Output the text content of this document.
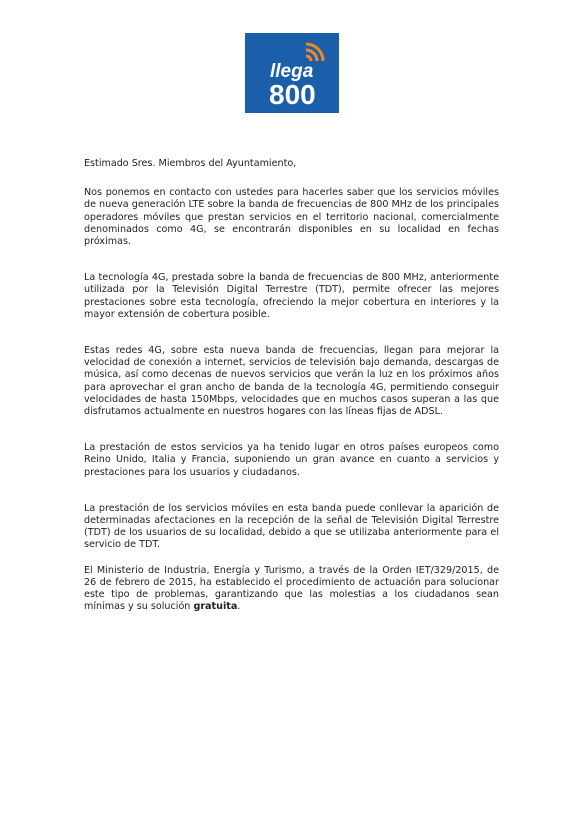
llega
800

Estimado Sres. Miembros del Ayuntamiento,

Nos ponemos en contacto con ustedes para hacerles saber que los servicios móviles de nueva generación LTE sobre la banda de frecuencias de 800 MHz de los principales operadores móviles que prestan servicios en el territorio nacional, comercialmente denominados como 4G, se encontrarán disponibles en su localidad en fechas próximas.

La tecnología 4G, prestada sobre la banda de frecuencias de 800 MHz, anteriormente utilizada por la Televisión Digital Terrestre (TDT), permite ofrecer las mejores prestaciones sobre esta tecnología, ofreciendo la mejor cobertura en interiores y la mayor extensión de cobertura posible.

Estas redes 4G, sobre esta nueva banda de frecuencias, llegan para mejorar la velocidad de conexión a internet, servicios de televisión bajo demanda, descargas de música, así como decenas de nuevos servicios que verán la luz en los próximos años para aprovechar el gran ancho de banda de la tecnología 4G, permitiendo conseguir velocidades de hasta 150Mbps, velocidades que en muchos casos superan a las que disfrutamos actualmente en nuestros hogares con las líneas fijas de ADSL.

La prestación de estos servicios ya ha tenido lugar en otros países europeos como Reino Unido, Italia y Francia, suponiendo un gran avance en cuanto a servicios y prestaciones para los usuarios y ciudadanos.

La prestación de los servicios móviles en esta banda puede conllevar la aparición de determinadas afectaciones en la recepción de la señal de Televisión Digital Terrestre (TDT) de los usuarios de su localidad, debido a que se utilizaba anteriormente para el servicio de TDT.

El Ministerio de Industria, Energía y Turismo, a través de la Orden IET/329/2015, de 26 de febrero de 2015, ha establecido el procedimiento de actuación para solucionar este tipo de problemas, garantizando que las molestias a los ciudadanos sean mínimas y su solución gratuita.
